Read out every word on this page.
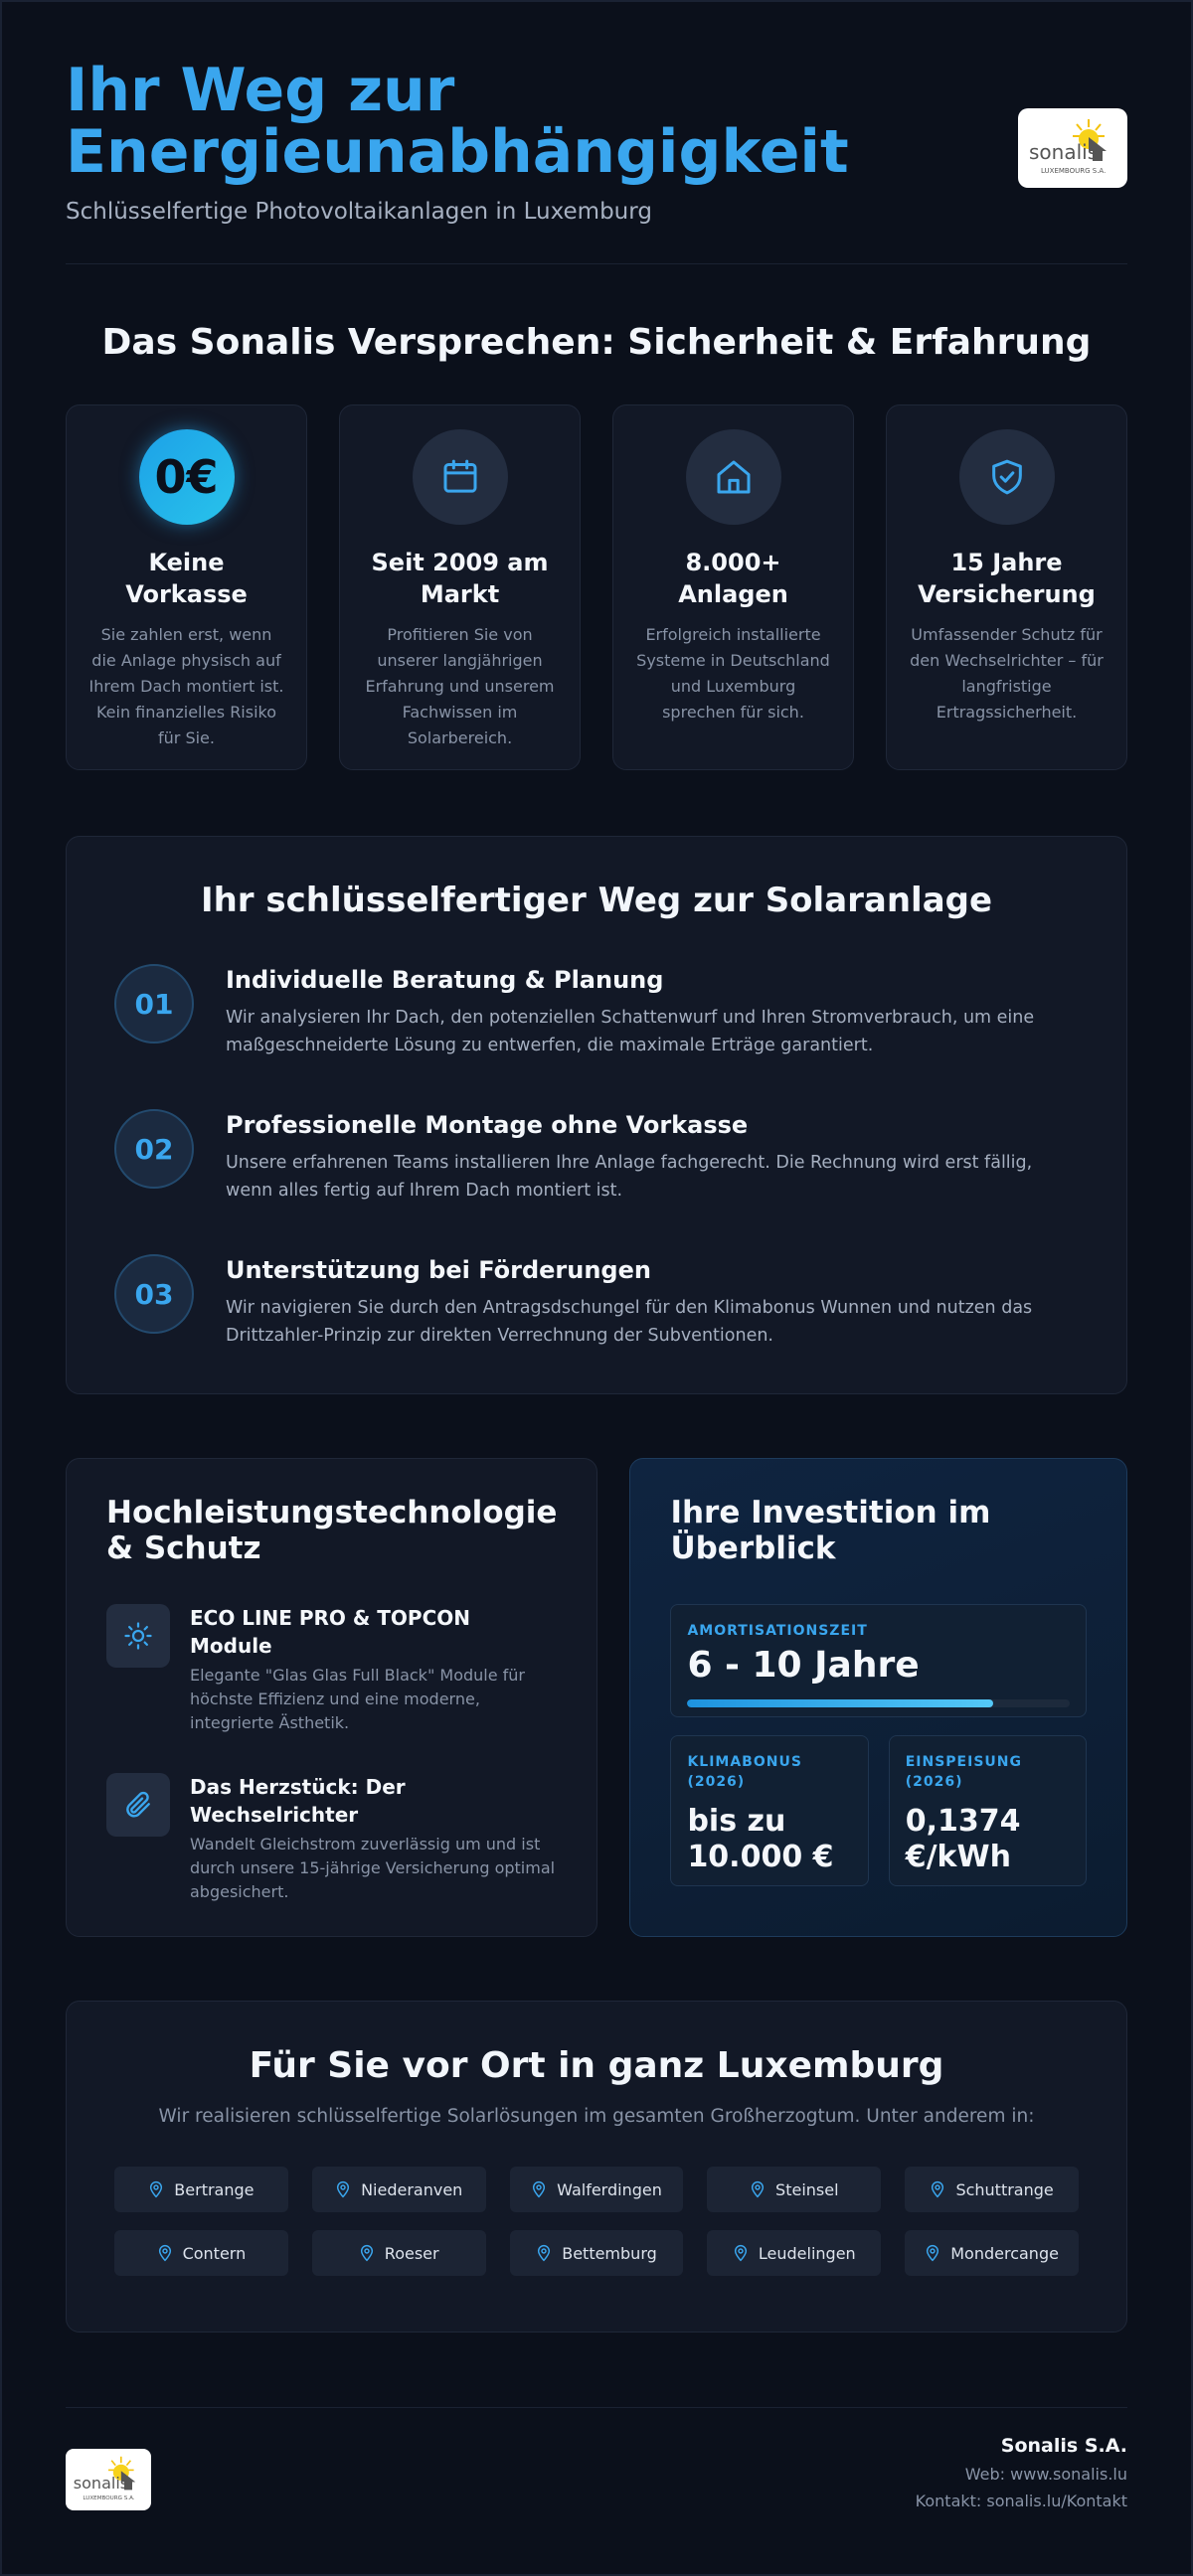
Ihr Weg zur
Energieunabhängigkeit
Schlüsselfertige Photovoltaikanlagen in Luxemburg
sonalis
LUXEMBOURG S.A.
Das Sonalis Versprechen: Sicherheit & Erfahrung
0€
Keine Vorkasse

Sie zahlen erst, wenn die Anlage physisch auf Ihrem Dach montiert ist. Kein finanzielles Risiko für Sie.

Seit 2009 am Markt

Profitieren Sie von unserer langjährigen Erfahrung und unserem Fachwissen im Solarbereich.

8.000+ Anlagen

Erfolgreich installierte Systeme in Deutschland und Luxemburg sprechen für sich.

15 Jahre Versicherung

Umfassender Schutz für den Wechselrichter – für langfristige Ertragssicherheit.

Ihr schlüsselfertiger Weg zur Solaranlage
01
Individuelle Beratung & Planung

Wir analysieren Ihr Dach, den potenziellen Schattenwurf und Ihren Stromverbrauch, um eine maßgeschneiderte Lösung zu entwerfen, die maximale Erträge garantiert.

02
Professionelle Montage ohne Vorkasse

Unsere erfahrenen Teams installieren Ihre Anlage fachgerecht. Die Rechnung wird erst fällig, wenn alles fertig auf Ihrem Dach montiert ist.

03
Unterstützung bei Förderungen

Wir navigieren Sie durch den Antragsdschungel für den Klimabonus Wunnen und nutzen das Drittzahler-Prinzip zur direkten Verrechnung der Subventionen.

Hochleistungstechnologie & Schutz
ECO LINE PRO & TOPCON Module

Elegante "Glas Glas Full Black" Module für höchste Effizienz und eine moderne, integrierte Ästhetik.

Das Herzstück: Der Wechselrichter

Wandelt Gleichstrom zuverlässig um und ist durch unsere 15-jährige Versicherung optimal abgesichert.

Ihre Investition im Überblick
AMORTISATIONSZEIT
6 - 10 Jahre
KLIMABONUS (2026)
bis zu 10.000 €
EINSPEISUNG (2026)
0,1374 €/kWh
Für Sie vor Ort in ganz Luxemburg

Wir realisieren schlüsselfertige Solarlösungen im gesamten Großherzogtum. Unter anderem in:

Bertrange	Niederanven	Walferdingen	Steinsel	Schuttrange
Contern	Roeser	Bettemburg	Leudelingen	Mondercange
sonalis
LUXEMBOURG S.A.
Sonalis S.A.
Web: www.sonalis.lu
Kontakt: sonalis.lu/Kontakt
